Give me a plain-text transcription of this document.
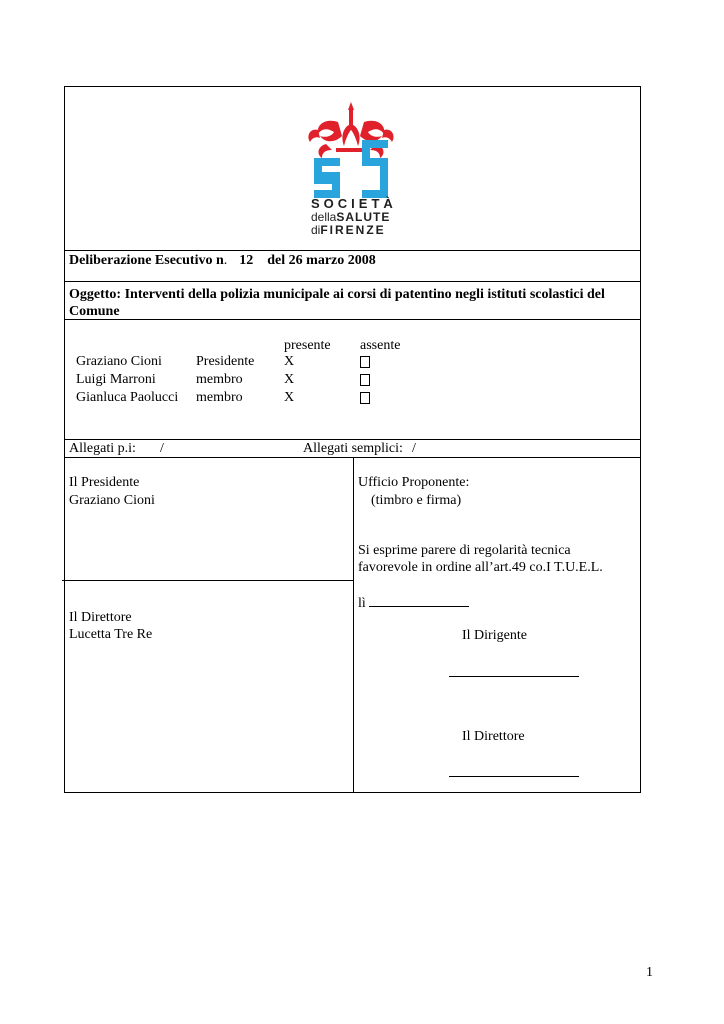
SOCIETÀ
dellaSALUTE
diFIRENZE
Deliberazione Esecutivo n. 12 del 26 marzo 2008
Oggetto: Interventi della polizia municipale ai corsi di patentino negli istituti scolastici del
Comune
presente assente
Graziano Cioni Presidente X
Luigi Marroni	membro	X
Gianluca Paolucci membro	X
Allegati p.i: /	Allegati semplici: /
Il Presidente
Graziano Cioni
Il Direttore
Lucetta Tre Re
Ufficio Proponente:
(timbro e firma)
Si esprime parere di regolarità tecnica
favorevole in ordine all’art.49 co.I T.U.E.L.
lì
Il Dirigente
Il Direttore
1
